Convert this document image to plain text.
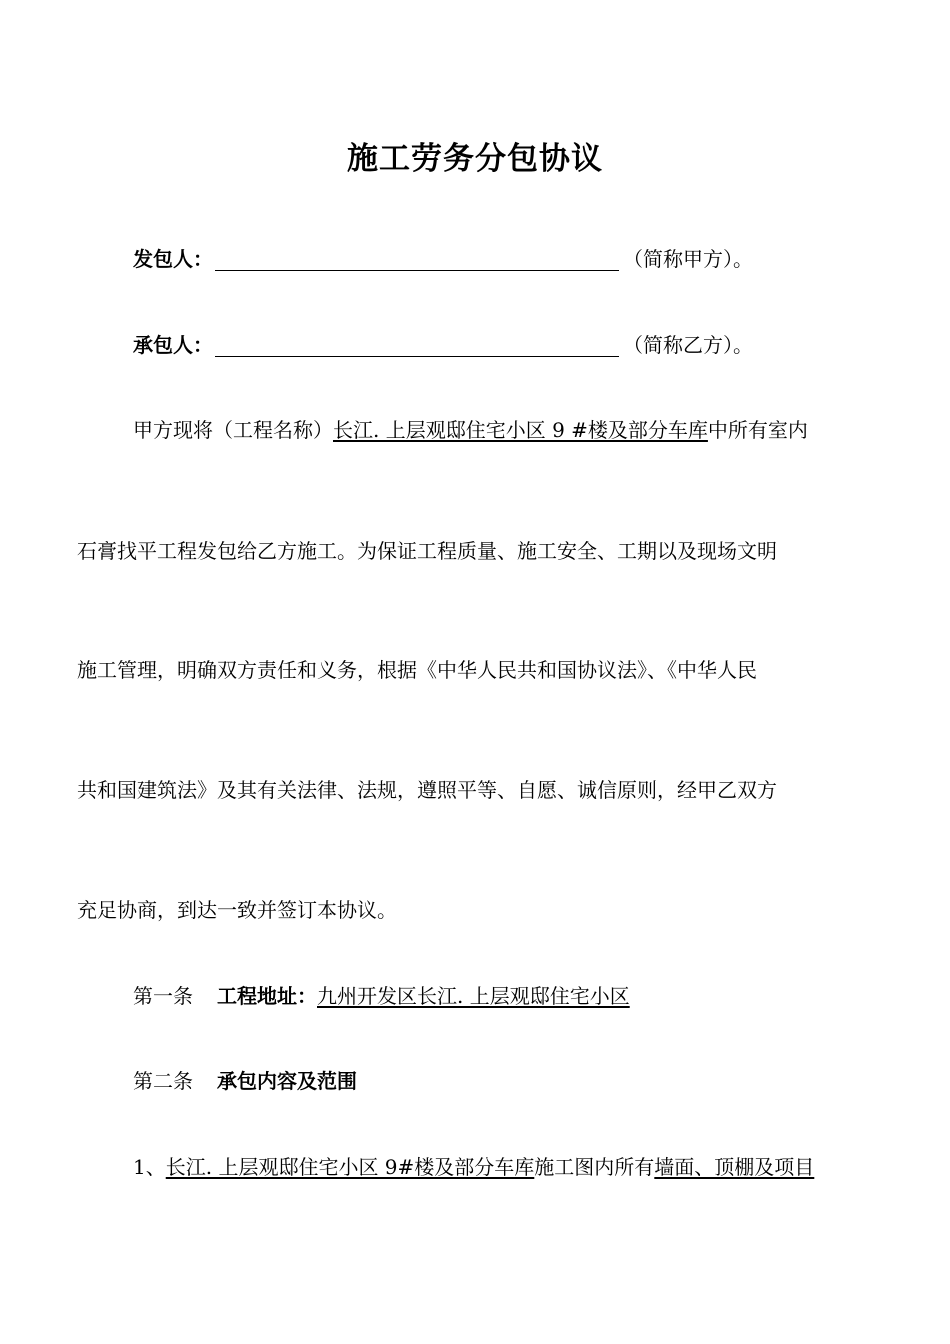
施工劳务分包协议
发包人：	（简称甲方）。
承包人：	（简称乙方）。
甲方现将（工程名称）长江. 上层观邸住宅小区 9 #楼及部分车库中所有室内
石膏找平工程发包给乙方施工。为保证工程质量、施工安全、工期以及现场文明
施工管理，明确双方责任和义务，根据《中华人民共和国协议法》、《中华人民
共和国建筑法》及其有关法律、法规，遵照平等、自愿、诚信原则，经甲乙双方
充足协商，到达一致并签订本协议。
第一条 工程地址：九州开发区长江. 上层观邸住宅小区
第二条 承包内容及范围
1、长江. 上层观邸住宅小区 9#楼及部分车库施工图内所有墙面、顶棚及项目
